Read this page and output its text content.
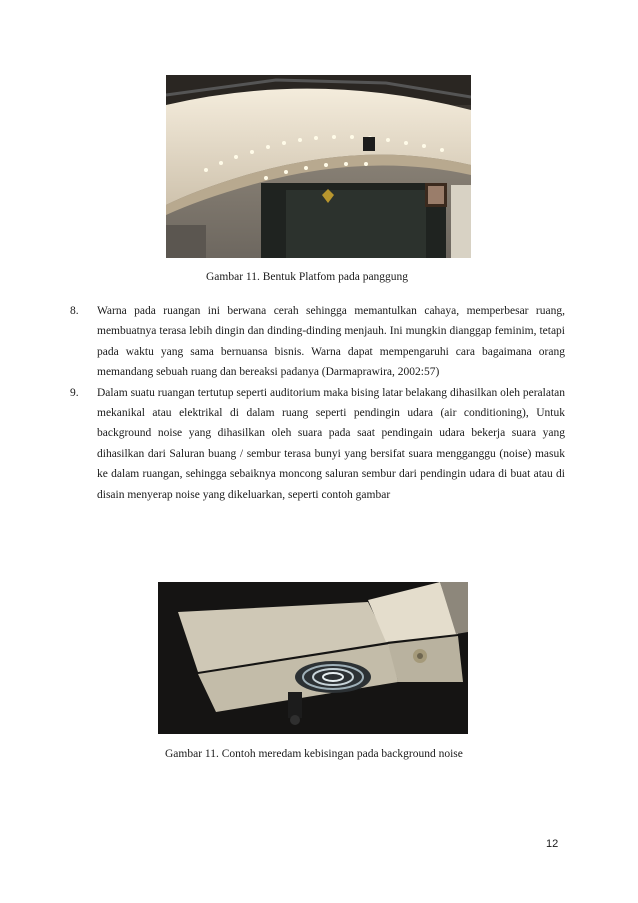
Gambar 11. Bentuk Platfom pada panggung
8. Warna pada ruangan ini berwana cerah sehingga memantulkan cahaya, memperbesar ruang, membuatnya terasa lebih dingin dan dinding-dinding menjauh. Ini mungkin dianggap feminim, tetapi pada waktu yang sama bernuansa bisnis. Warna dapat mempengaruhi cara bagaimana orang memandang sebuah ruang dan bereaksi padanya (Darmaprawira, 2002:57)
9. Dalam suatu ruangan tertutup seperti auditorium maka bising latar belakang dihasilkan oleh peralatan mekanikal atau elektrikal di dalam ruang seperti pendingin udara (air conditioning), Untuk background noise yang dihasilkan oleh suara pada saat pendingain udara bekerja suara yang dihasilkan dari Saluran buang / sembur terasa bunyi yang bersifat suara mengganggu (noise) masuk ke dalam ruangan, sehingga sebaiknya moncong saluran sembur dari pendingin udara di buat atau di disain menyerap noise yang dikeluarkan, seperti contoh gambar
Gambar 11. Contoh meredam kebisingan pada background noise
12
